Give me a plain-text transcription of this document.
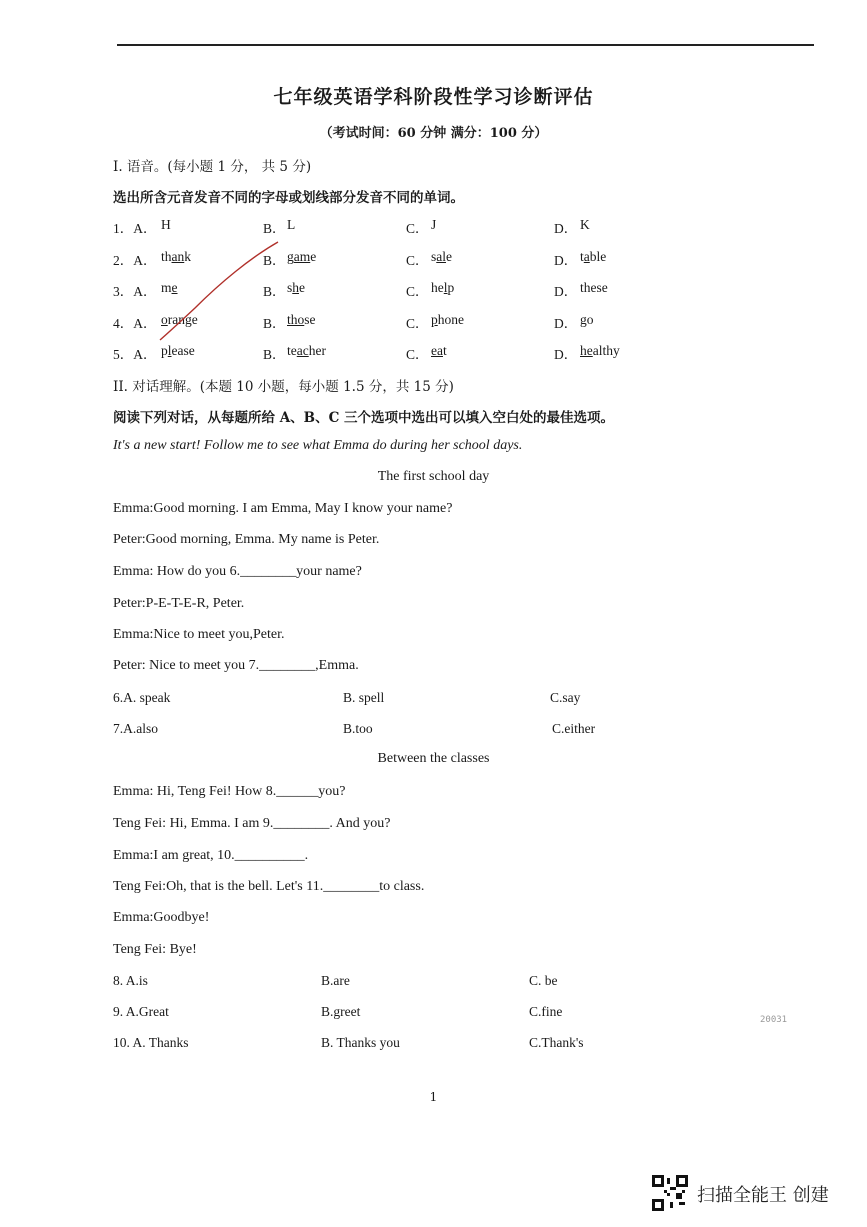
七年级英语学科阶段性学习诊断评估
（考试时间：60 分钟 满分：100 分）
I. 语音。(每小题 1 分， 共 5 分)
选出所含元音发音不同的字母或划线部分发音不同的单词。
1．A． H	B． L	C． J	D． K
2．A． thank	B． game	C． sale	D． table
3．A． me	B． she	C． help	D． these
4．A． orange	B． those	C． phone	D． go
5．A． please	B． teacher	C． eat	D． healthy
II. 对话理解。(本题 10 小题，每小题 1.5 分，共 15 分)
阅读下列对话，从每题所给 A、B、C 三个选项中选出可以填入空白处的最佳选项。
It's a new start! Follow me to see what Emma do during her school days.
The first school day
Emma:Good morning. I am Emma, May I know your name?
Peter:Good morning, Emma. My name is Peter.
Emma: How do you 6.________your name?
Peter:P-E-T-E-R, Peter.
Emma:Nice to meet you,Peter.
Peter: Nice to meet you 7.________,Emma.
6.A. speak	B. spell	C.say
7.A.also	B.too	C.either
Between the classes
Emma: Hi, Teng Fei! How 8.______you?
Teng Fei: Hi, Emma. I am 9.________. And you?
Emma:I am great, 10.__________.
Teng Fei:Oh, that is the bell. Let's 11.________to class.
Emma:Goodbye!
Teng Fei: Bye!
8. A.is	B.are	C. be
9. A.Great	B.greet	C.fine
10. A. Thanks	B. Thanks you	C.Thank's
20031
1
扫描全能王 创建
